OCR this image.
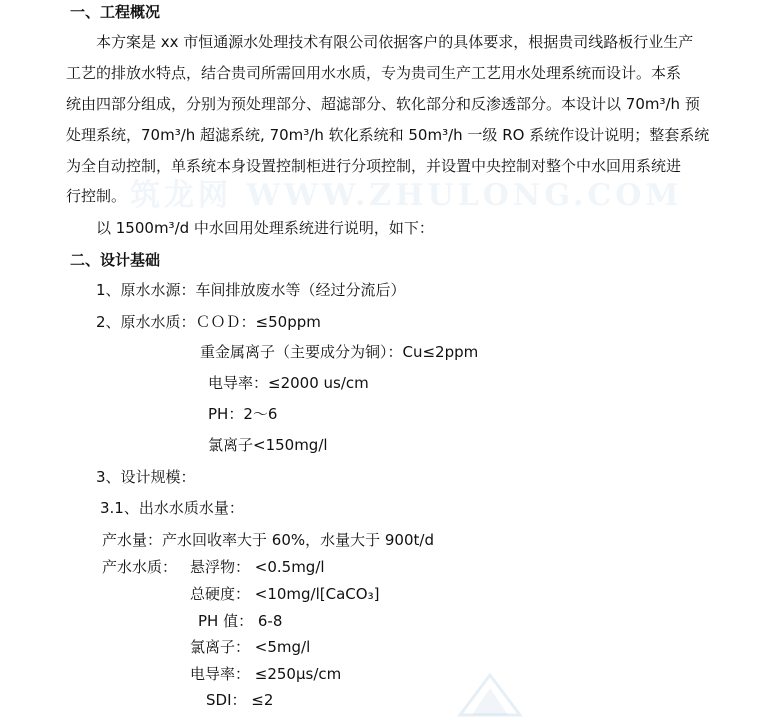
筑龙网 WWW.ZHULONG.COM
一、工程概况
本方案是 xx 市恒通源水处理技术有限公司依据客户的具体要求，根据贵司线路板行业生产
工艺的排放水特点，结合贵司所需回用水水质，专为贵司生产工艺用水处理系统而设计。本系
统由四部分组成，分别为预处理部分、超滤部分、软化部分和反渗透部分。本设计以 70m³/h 预
处理系统，70m³/h 超滤系统, 70m³/h 软化系统和 50m³/h 一级 RO 系统作设计说明；整套系统
为全自动控制，单系统本身设置控制柜进行分项控制，并设置中央控制对整个中水回用系统进
行控制。
以 1500m³/d 中水回用处理系统进行说明，如下：
二、设计基础
1、原水水源：车间排放废水等（经过分流后）
2、原水水质：ＣＯＤ：≤50ppm
重金属离子（主要成分为铜）：Cu≤2ppm
电导率：≤2000 us/cm
PH：2～6
氯离子<150mg/l
3、设计规模：
3.1、出水水质水量：
产水量：产水回收率大于 60%，水量大于 900t/d
产水水质： 悬浮物： <0.5mg/l
总硬度： <10mg/l[CaCO₃]
PH 值： 6-8
氯离子： <5mg/l
电导率： ≤250μs/cm
SDI： ≤2
